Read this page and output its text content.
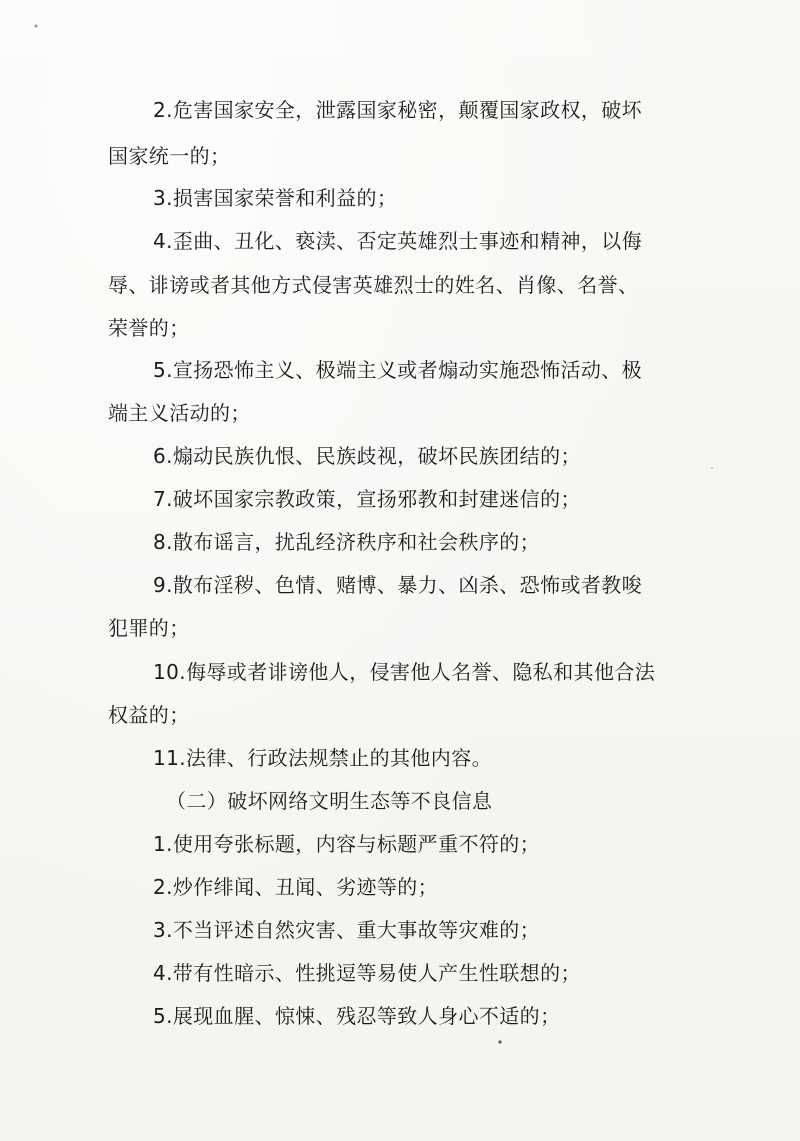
2.危害国家安全，泄露国家秘密，颠覆国家政权，破坏
国家统一的；
3.损害国家荣誉和利益的；
4.歪曲、丑化、亵渎、否定英雄烈士事迹和精神，以侮
辱、诽谤或者其他方式侵害英雄烈士的姓名、肖像、名誉、
荣誉的；
5.宣扬恐怖主义、极端主义或者煽动实施恐怖活动、极
端主义活动的；
6.煽动民族仇恨、民族歧视，破坏民族团结的；
7.破坏国家宗教政策，宣扬邪教和封建迷信的；
8.散布谣言，扰乱经济秩序和社会秩序的；
9.散布淫秽、色情、赌博、暴力、凶杀、恐怖或者教唆
犯罪的；
10.侮辱或者诽谤他人，侵害他人名誉、隐私和其他合法
权益的；
11.法律、行政法规禁止的其他内容。
（二）破坏网络文明生态等不良信息
1.使用夸张标题，内容与标题严重不符的；
2.炒作绯闻、丑闻、劣迹等的；
3.不当评述自然灾害、重大事故等灾难的；
4.带有性暗示、性挑逗等易使人产生性联想的；
5.展现血腥、惊悚、残忍等致人身心不适的；
